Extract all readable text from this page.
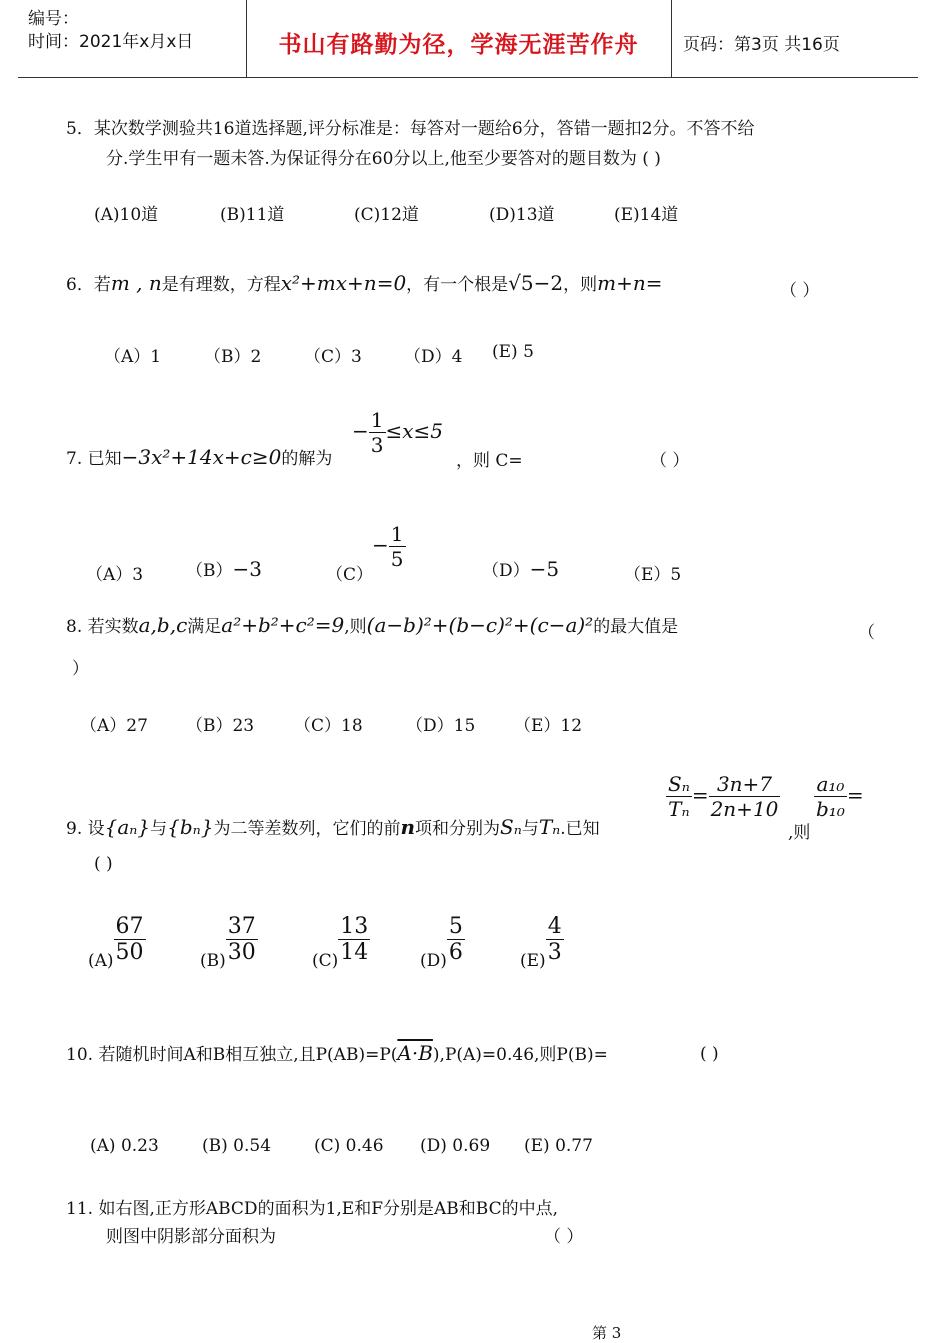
编号：
时间：2021年x月x日	书山有路勤为径，学海无涯苦作舟	页码：第3页 共16页
5．某次数学测验共16道选择题,评分标准是：每答对一题给6分，答错一题扣2分。不答不给
分.学生甲有一题未答.为保证得分在60分以上,他至少要答对的题目数为 ( )
(A)10道	(B)11道	(C)12道	(D)13道	(E)14道
6．若m , n是有理数，方程x²+mx+n=0，有一个根是√5−2，则m+n=	（ ）
（A）1	（B）2	（C）3 （D）4 (E) 5
7. 已知−3x²+14x+c≥0的解为
− $\frac{1}{3} \le x\le 5$
，则 C=	（ ）
（A）3	（B）−3	（C）
− $\frac{1}{5}$	（D）−5	（E）5
8. 若实数a,b,c满足a²+b²+c²=9,则(a−b)²+(b−c)²+(c−a)²的最大值是	（
）
（A）27 （B）23 （C）18	（D）15 （E）12
9. 设{aₙ}与{bₙ}为二等差数列，它们的前n项和分别为Sₙ与Tₙ.已知
$\frac{\text{Sₙ}}{\text{Tₙ}} = \frac{3n+7}{2n+10}$
,则
$\frac{\text{a₁₀}}{\text{b₁₀}}$ =
( )
$(A) \frac{67}{50}$	$(B) \frac{37}{30}$	$(C) \frac{13}{14}$	$(D) \frac{5}{6}$	$(E) \frac{4}{3}$
10. 若随机时间A和B相互独立,且P(AB)=P(A·B),P(A)=0.46,则P(B)=	( )
(A) 0.23	(B) 0.54	(C) 0.46 (D) 0.69 (E) 0.77
11. 如右图,正方形ABCD的面积为1,E和F分别是AB和BC的中点,
则图中阴影部分面积为	（ ）
第 3
